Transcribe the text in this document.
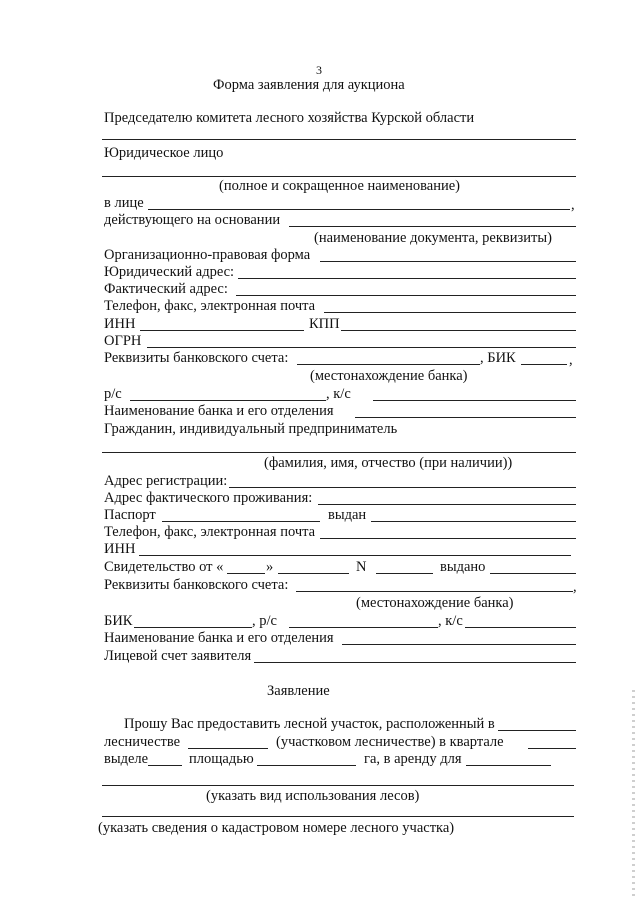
3
Форма заявления для аукциона
Председателю комитета лесного хозяйства Курской области
Юридическое лицо
(полное и сокращенное наименование)
в лице	,
действующего на основании
(наименование документа, реквизиты)
Организационно-правовая форма
Юридический адрес:
Фактический адрес:
Телефон, факс, электронная почта
ИНН	КПП
ОГРН
Реквизиты банковского счета:	, БИК	,
(местонахождение банка)
р/с	, к/с
Наименование банка и его отделения
Гражданин, индивидуальный предприниматель
(фамилия, имя, отчество (при наличии))
Адрес регистрации:
Адрес фактического проживания:
Паспорт	выдан
Телефон, факс, электронная почта
ИНН
Свидетельство от «	»	N	выдано
Реквизиты банковского счета:	,
(местонахождение банка)
БИК	, р/с	, к/с
Наименование банка и его отделения
Лицевой счет заявителя
Заявление
Прошу Вас предоставить лесной участок, расположенный в
лесничестве	(участковом лесничестве) в квартале
выделе	площадью	га, в аренду для
(указать вид использования лесов)
(указать сведения о кадастровом номере лесного участка)
